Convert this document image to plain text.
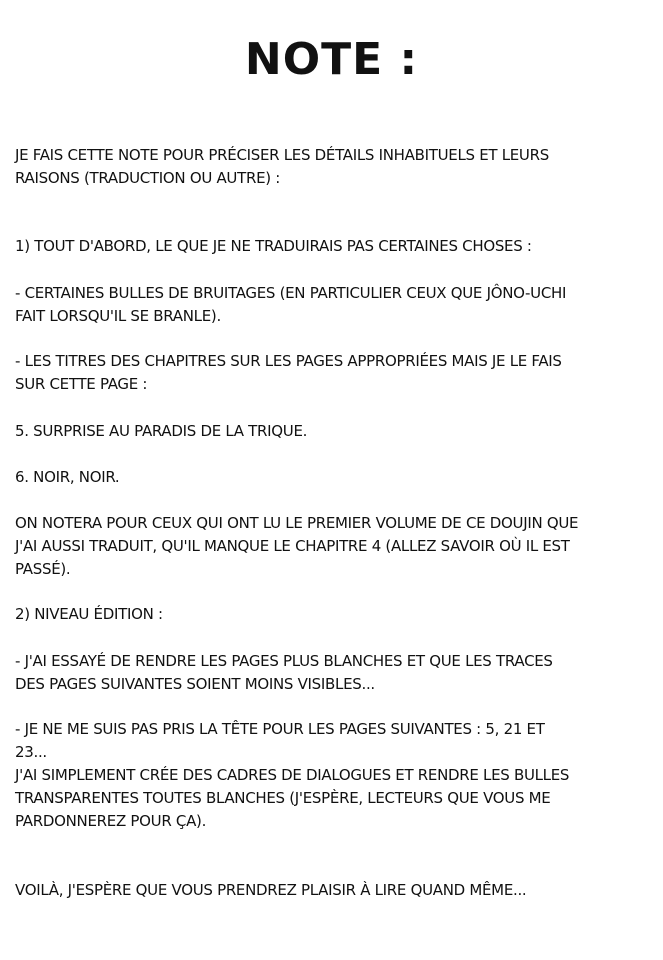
NOTE :

JE FAIS CETTE NOTE POUR PRÉCISER LES DÉTAILS INHABITUELS ET LEURS

RAISONS (TRADUCTION OU AUTRE) :

1) TOUT D'ABORD, LE QUE JE NE TRADUIRAIS PAS CERTAINES CHOSES :

- CERTAINES BULLES DE BRUITAGES (EN PARTICULIER CEUX QUE JÔNO-UCHI

FAIT LORSQU'IL SE BRANLE).

- LES TITRES DES CHAPITRES SUR LES PAGES APPROPRIÉES MAIS JE LE FAIS

SUR CETTE PAGE :

5. SURPRISE AU PARADIS DE LA TRIQUE.

6. NOIR, NOIR.

ON NOTERA POUR CEUX QUI ONT LU LE PREMIER VOLUME DE CE DOUJIN QUE

J'AI AUSSI TRADUIT, QU'IL MANQUE LE CHAPITRE 4 (ALLEZ SAVOIR OÙ IL EST

PASSÉ).

2) NIVEAU ÉDITION :

- J'AI ESSAYÉ DE RENDRE LES PAGES PLUS BLANCHES ET QUE LES TRACES

DES PAGES SUIVANTES SOIENT MOINS VISIBLES...

- JE NE ME SUIS PAS PRIS LA TÊTE POUR LES PAGES SUIVANTES : 5, 21 ET

23...

J'AI SIMPLEMENT CRÉE DES CADRES DE DIALOGUES ET RENDRE LES BULLES

TRANSPARENTES TOUTES BLANCHES (J'ESPÈRE, LECTEURS QUE VOUS ME

PARDONNEREZ POUR ÇA).

VOILÀ, J'ESPÈRE QUE VOUS PRENDREZ PLAISIR À LIRE QUAND MÊME...
